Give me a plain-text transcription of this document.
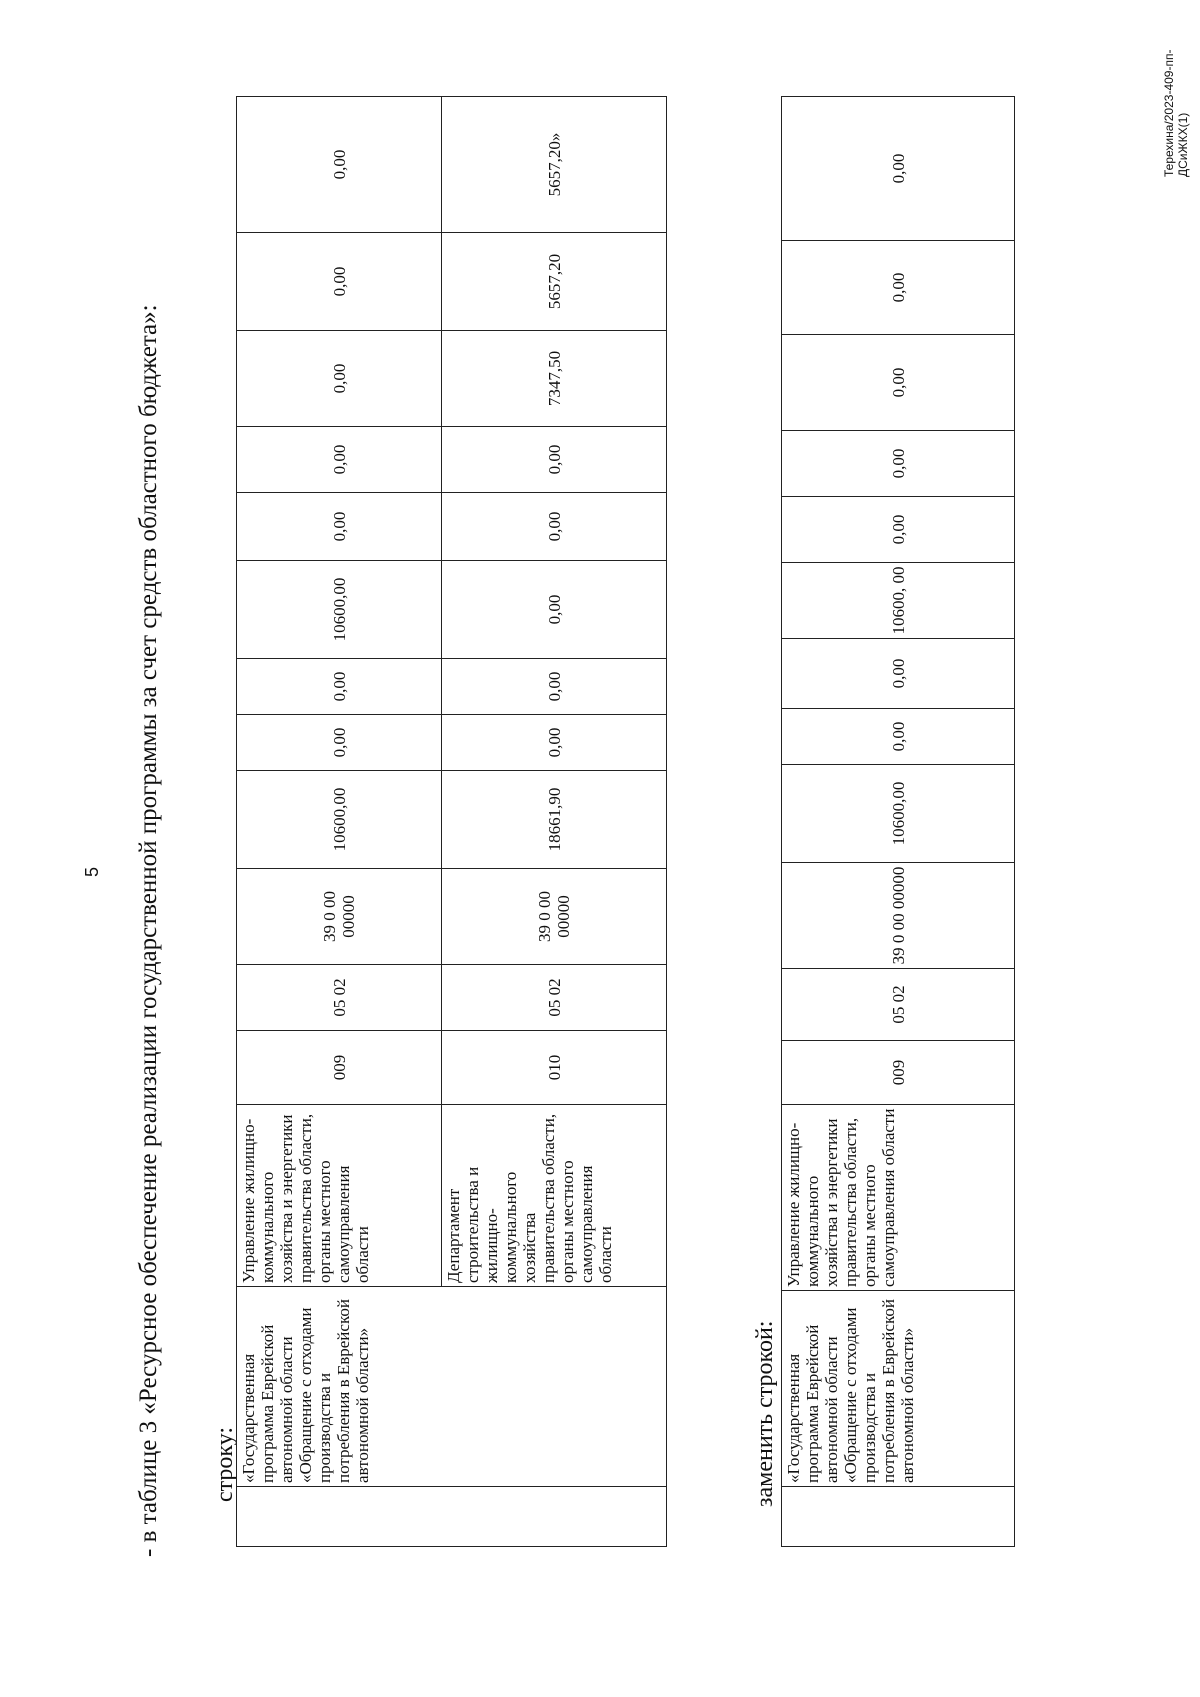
5 - в таблице 3 «Ресурсное обеспечение реализации государственной программы за счет средств областного бюджета»:	строку:
	«Государственная программа Еврейской автономной области «Обращение с отходами производства и потребления в Еврейской автономной области»	Управление жилищно-коммунального хозяйства и энергетики правительства области, органы местного самоуправления области	009	05 02	39 0 00 00000	10600,00	0,00	0,00	10600,00	0,00	0,00	0,00	0,00	0,00
		Департамент строительства и жилищно-коммунального хозяйства правительства области, органы местного самоуправления области	010	05 02	39 0 00 00000	18661,90	0,00	0,00	0,00	0,00	0,00	7347,50	5657,20	5657,20»
заменить строкой:
	«Государственная программа Еврейской автономной области «Обращение с отходами производства и потребления в Еврейской автономной области»	Управление жилищно-коммунального хозяйства и энергетики правительства области, органы местного самоуправления области	009	05 02	39 0 00 00000	10600,00	0,00	0,00	10600, 00	0,00	0,00	0,00	0,00	0,00	Терехина/2023-409-пп-ДСиЖКХ(1)
